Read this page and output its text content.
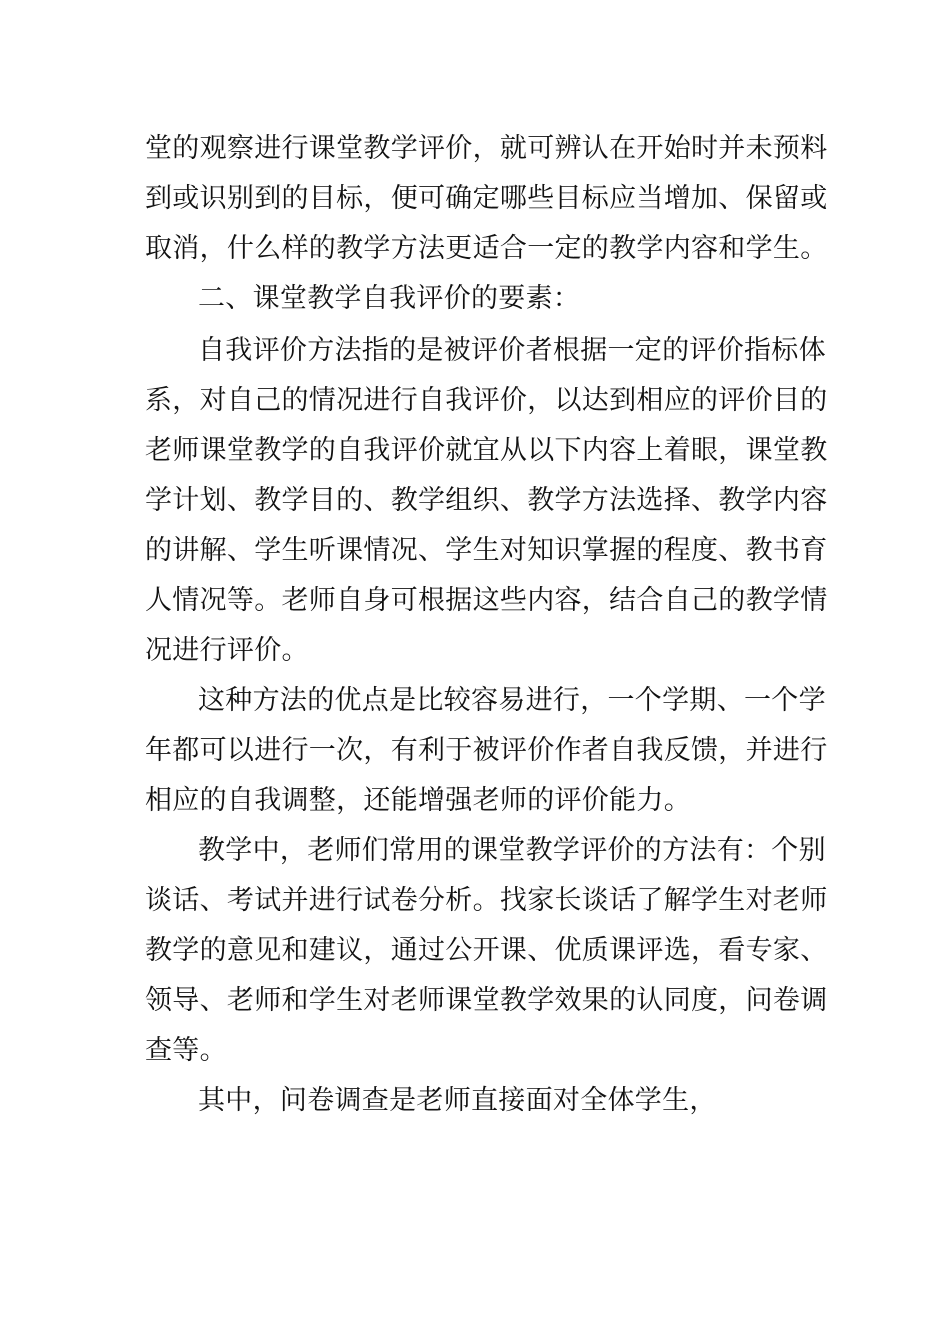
堂的观察进行课堂教学评价，就可辨认在开始时并未预料

到或识别到的目标，便可确定哪些目标应当增加、保留或

取消，什么样的教学方法更适合一定的教学内容和学生。

二、课堂教学自我评价的要素：

自我评价方法指的是被评价者根据一定的评价指标体

系，对自己的情况进行自我评价，以达到相应的评价目的

老师课堂教学的自我评价就宜从以下内容上着眼，课堂教

学计划、教学目的、教学组织、教学方法选择、教学内容

的讲解、学生听课情况、学生对知识掌握的程度、教书育

人情况等。老师自身可根据这些内容，结合自己的教学情

况进行评价。

这种方法的优点是比较容易进行，一个学期、一个学

年都可以进行一次，有利于被评价作者自我反馈，并进行

相应的自我调整，还能增强老师的评价能力。

教学中，老师们常用的课堂教学评价的方法有：个别

谈话、考试并进行试卷分析。找家长谈话了解学生对老师

教学的意见和建议，通过公开课、优质课评选，看专家、

领导、老师和学生对老师课堂教学效果的认同度，问卷调

查等。

其中，问卷调查是老师直接面对全体学生，
